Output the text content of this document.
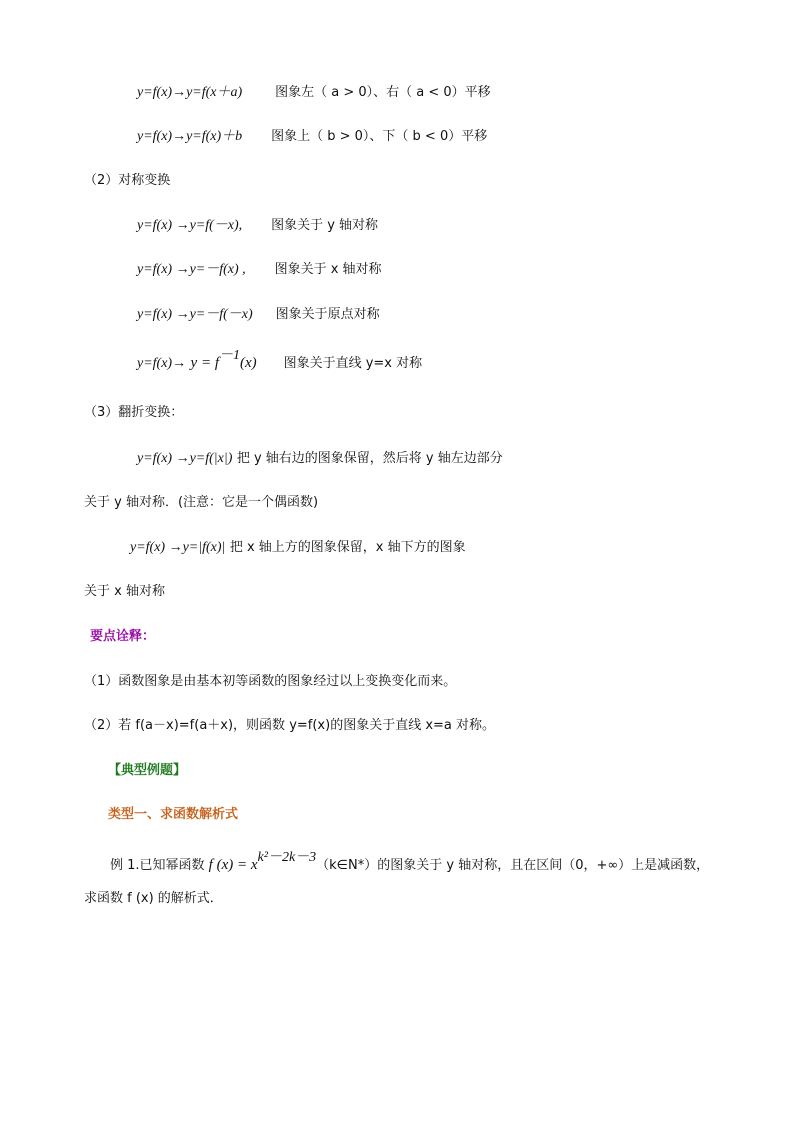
y=f(x)→y=f(x＋a)	图象左（ a > 0）、右（ a < 0）平移
y=f(x)→y=f(x)＋b 图象上（ b > 0）、下（ b < 0）平移
（2）对称变换
y=f(x) →y=f(－x), 图象关于 y 轴对称
y=f(x) →y=－f(x) , 图象关于 x 轴对称
y=f(x) →y=－f(－x) 图象关于原点对称
$y=f(x)\to y = f^{-1}(x)$ 图象关于直线 y=x 对称
（3）翻折变换：
y=f(x) →y=f(|x|) 把 y 轴右边的图象保留，然后将 y 轴左边部分
关于 y 轴对称．(注意：它是一个偶函数)
y=f(x) →y=|f(x)| 把 x 轴上方的图象保留，x 轴下方的图象
关于 x 轴对称
要点诠释：
（1）函数图象是由基本初等函数的图象经过以上变换变化而来。
（2）若 f(a－x)=f(a＋x)，则函数 y=f(x)的图象关于直线 x=a 对称。
【典型例题】
类型一、求函数解析式
例 1.已知幂函数 f $(x) = x^{k^2-2k-3}(k\in N*)$的图象关于 y 轴对称，且在区间（0，+∞）上是减函数，
求函数 f (x) 的解析式．
